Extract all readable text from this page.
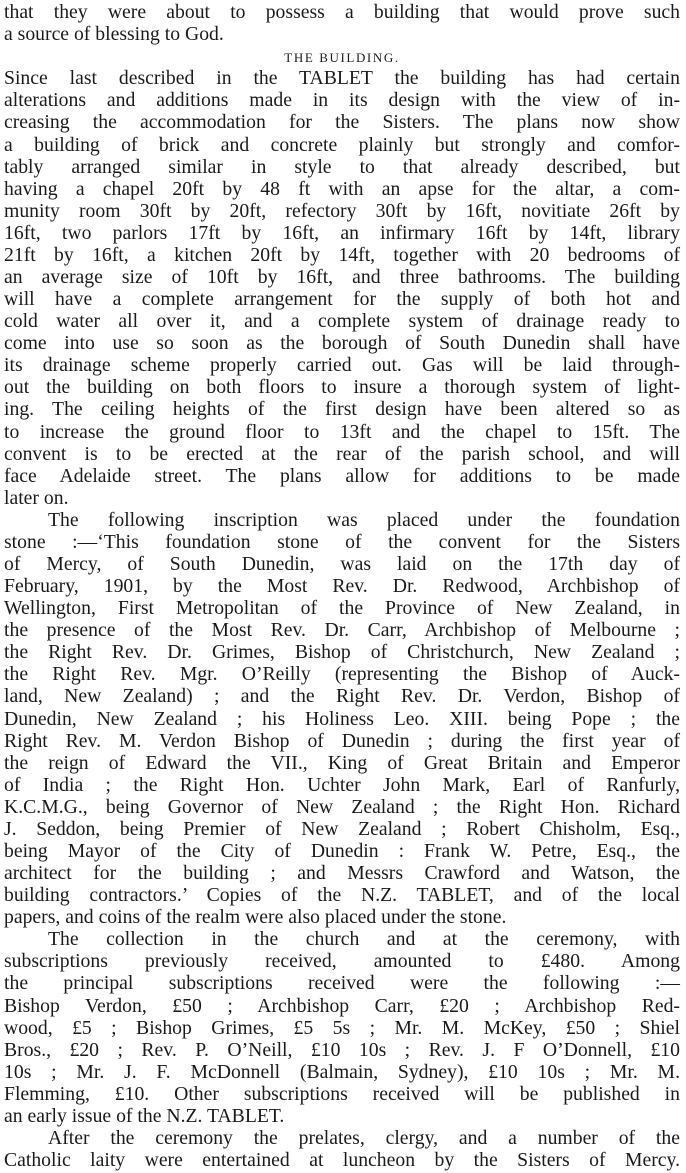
that they were about to possess a building that would prove such
a source of blessing to God.
THE BUILDING.
Since last described in the TABLET the building has had certain
alterations and additions made in its design with the view of in-
creasing the accommodation for the Sisters. The plans now show
a building of brick and concrete plainly but strongly and comfor-
tably arranged similar in style to that already described, but
having a chapel 20ft by 48 ft with an apse for the altar, a com-
munity room 30ft by 20ft, refectory 30ft by 16ft, novitiate 26ft by
16ft, two parlors 17ft by 16ft, an infirmary 16ft by 14ft, library
21ft by 16ft, a kitchen 20ft by 14ft, together with 20 bedrooms of
an average size of 10ft by 16ft, and three bathrooms. The building
will have a complete arrangement for the supply of both hot and
cold water all over it, and a complete system of drainage ready to
come into use so soon as the borough of South Dunedin shall have
its drainage scheme properly carried out. Gas will be laid through-
out the building on both floors to insure a thorough system of light-
ing. The ceiling heights of the first design have been altered so as
to increase the ground floor to 13ft and the chapel to 15ft. The
convent is to be erected at the rear of the parish school, and will
face Adelaide street. The plans allow for additions to be made
later on.
The following inscription was placed under the foundation
stone :—‘This foundation stone of the convent for the Sisters
of Mercy, of South Dunedin, was laid on the 17th day of
February, 1901, by the Most Rev. Dr. Redwood, Archbishop of
Wellington, First Metropolitan of the Province of New Zealand, in
the presence of the Most Rev. Dr. Carr, Archbishop of Melbourne ;
the Right Rev. Dr. Grimes, Bishop of Christchurch, New Zealand ;
the Right Rev. Mgr. O’Reilly (representing the Bishop of Auck-
land, New Zealand) ; and the Right Rev. Dr. Verdon, Bishop of
Dunedin, New Zealand ; his Holiness Leo. XIII. being Pope ; the
Right Rev. M. Verdon Bishop of Dunedin ; during the first year of
the reign of Edward the VII., King of Great Britain and Emperor
of India ; the Right Hon. Uchter John Mark, Earl of Ranfurly,
K.C.M.G., being Governor of New Zealand ; the Right Hon. Richard
J. Seddon, being Premier of New Zealand ; Robert Chisholm, Esq.,
being Mayor of the City of Dunedin : Frank W. Petre, Esq., the
architect for the building ; and Messrs Crawford and Watson, the
building contractors.’ Copies of the N.Z. TABLET, and of the local
papers, and coins of the realm were also placed under the stone.
The collection in the church and at the ceremony, with
subscriptions previously received, amounted to £480. Among
the principal subscriptions received were the following :—
Bishop Verdon, £50 ; Archbishop Carr, £20 ; Archbishop Red-
wood, £5 ; Bishop Grimes, £5 5s ; Mr. M. McKey, £50 ; Shiel
Bros., £20 ; Rev. P. O’Neill, £10 10s ; Rev. J. F O’Donnell, £10
10s ; Mr. J. F. McDonnell (Balmain, Sydney), £10 10s ; Mr. M.
Flemming, £10. Other subscriptions received will be published in
an early issue of the N.Z. TABLET.
After the ceremony the prelates, clergy, and a number of the
Catholic laity were entertained at luncheon by the Sisters of Mercy.
